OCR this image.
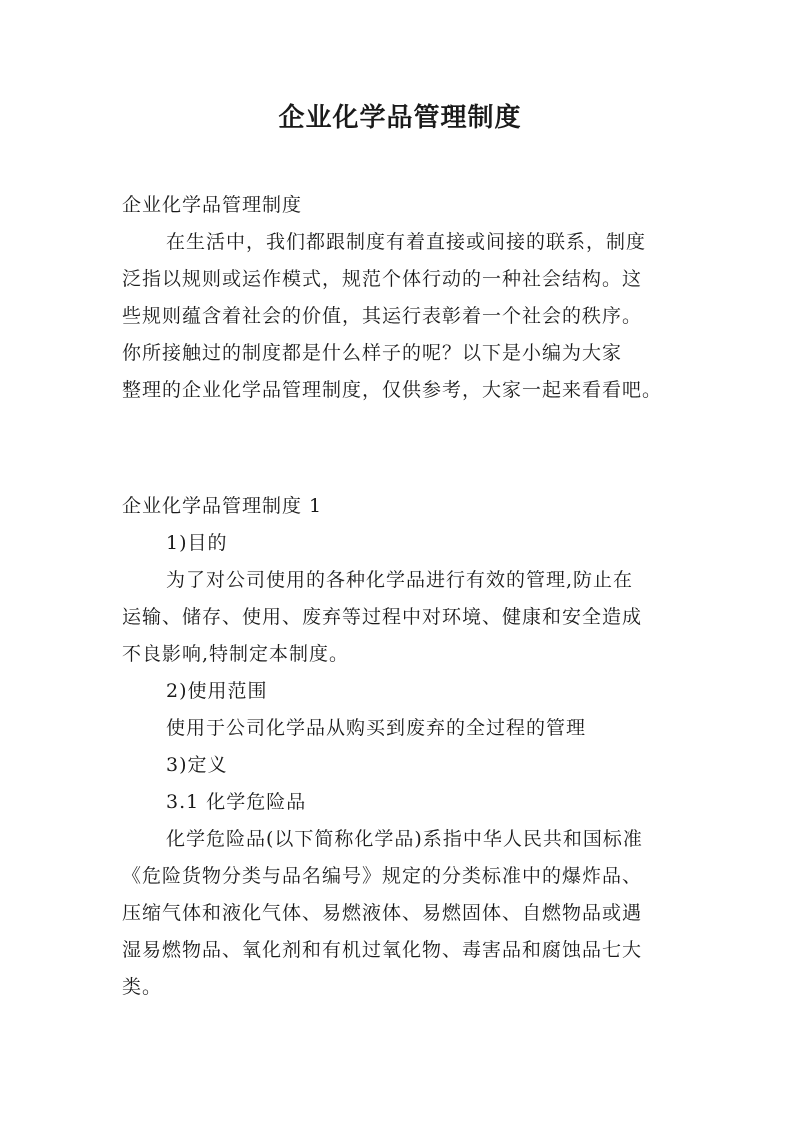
企业化学品管理制度

企业化学品管理制度

在生活中，我们都跟制度有着直接或间接的联系，制度

泛指以规则或运作模式，规范个体行动的一种社会结构。这

些规则蕴含着社会的价值，其运行表彰着一个社会的秩序。

你所接触过的制度都是什么样子的呢？以下是小编为大家

整理的企业化学品管理制度，仅供参考，大家一起来看看吧。

企业化学品管理制度 1

1)目的

为了对公司使用的各种化学品进行有效的管理,防止在

运输、储存、使用、废弃等过程中对环境、健康和安全造成

不良影响,特制定本制度。

2)使用范围

使用于公司化学品从购买到废弃的全过程的管理

3)定义

3.1 化学危险品

化学危险品(以下简称化学品)系指中华人民共和国标准

《危险货物分类与品名编号》规定的分类标准中的爆炸品、

压缩气体和液化气体、易燃液体、易燃固体、自燃物品或遇

湿易燃物品、氧化剂和有机过氧化物、毒害品和腐蚀品七大

类。
